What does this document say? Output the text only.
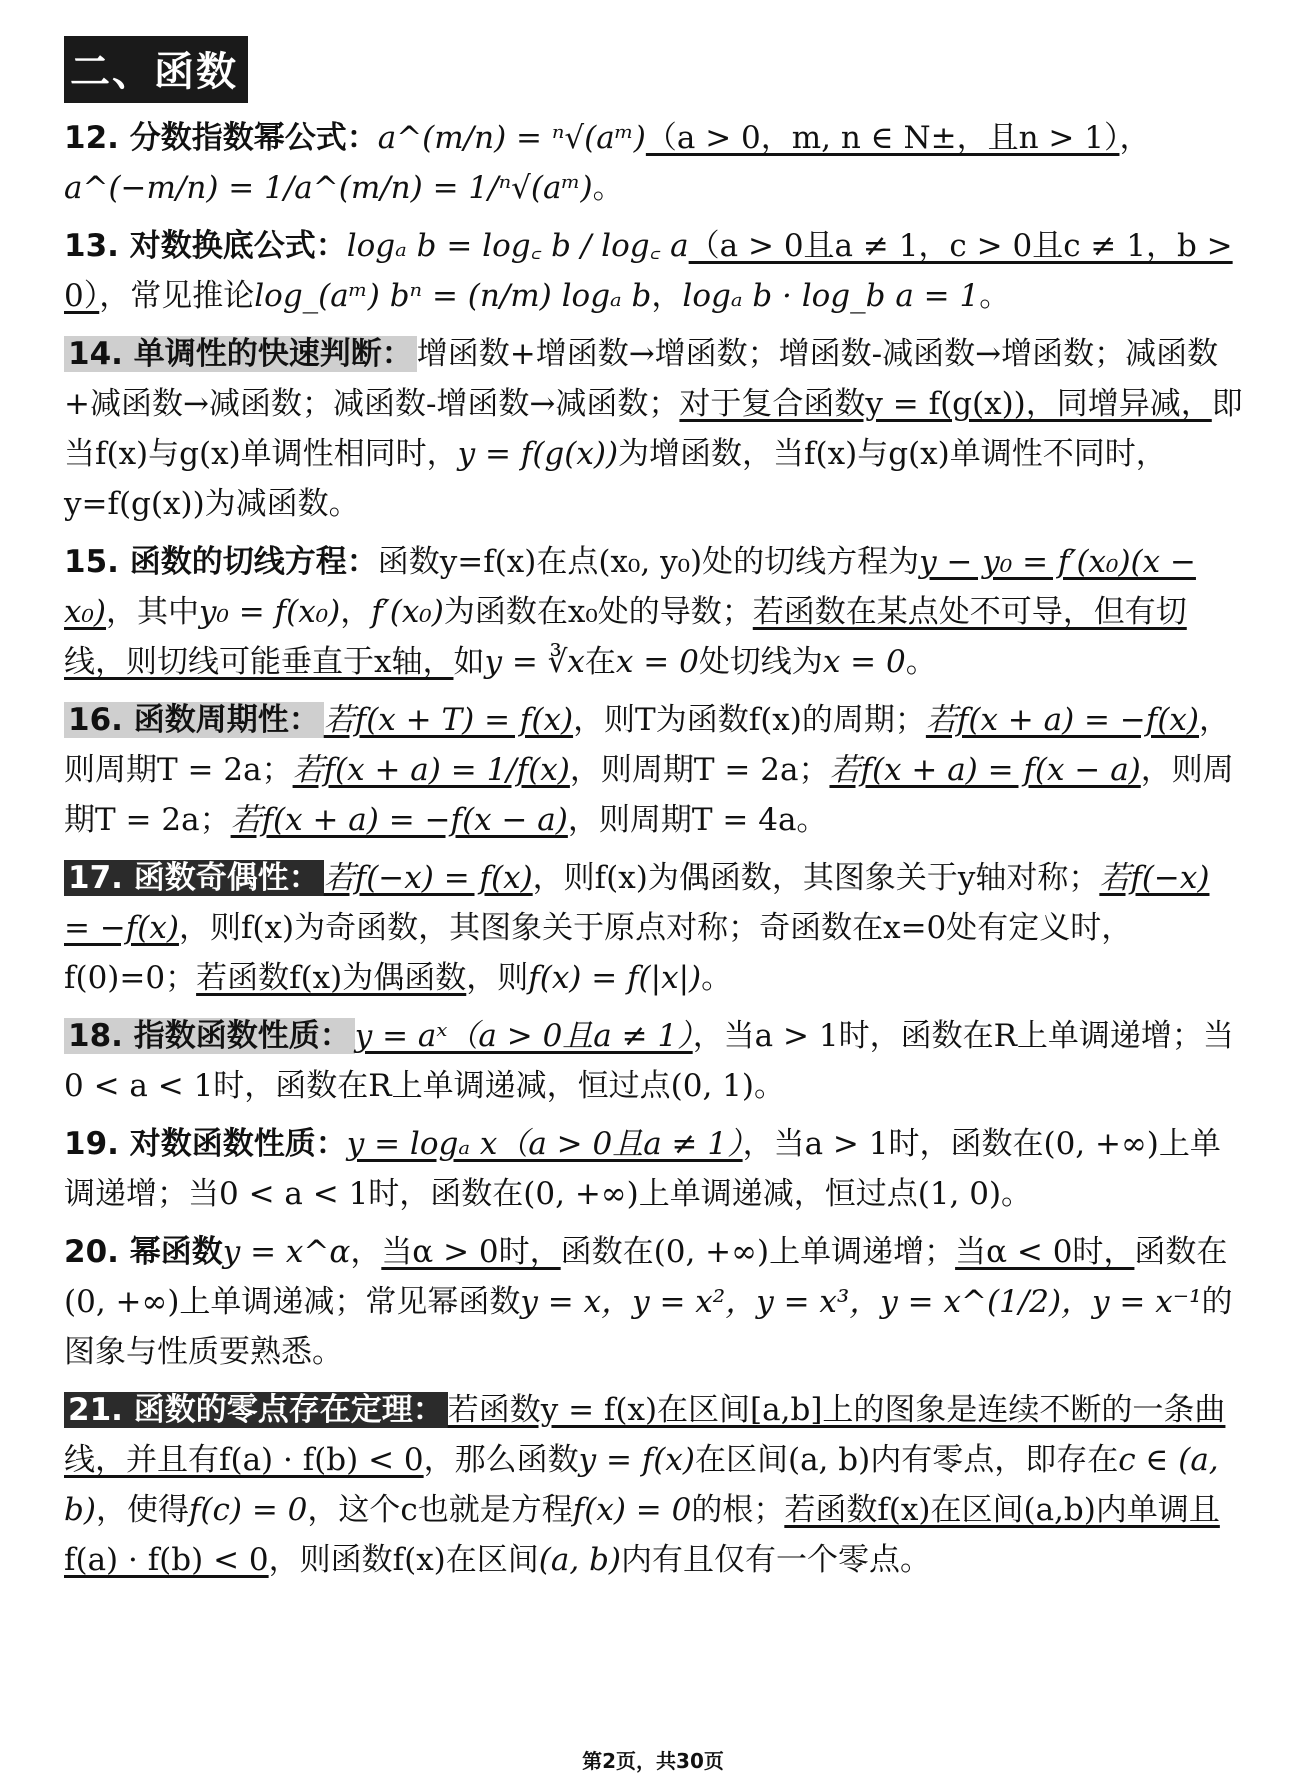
二、函数
12. 分数指数幂公式：a^(m/n) = ⁿ√(aᵐ)（a > 0，m, n ∈ N±，且n > 1），a^(−m/n) = 1/a^(m/n) = 1/ⁿ√(aᵐ)。
13. 对数换底公式：logₐ b = log꜀ b / log꜀ a（a > 0且a ≠ 1，c > 0且c ≠ 1，b > 0），常见推论log_(aᵐ) bⁿ = (n/m) logₐ b，logₐ b · log_b a = 1。
14. 单调性的快速判断： 增函数+增函数→增函数；增函数-减函数→增函数；减函数+减函数→减函数；减函数-增函数→减函数；对于复合函数y = f(g(x))，同增异减，即当f(x)与g(x)单调性相同时，y = f(g(x))为增函数，当f(x)与g(x)单调性不同时，y=f(g(x))为减函数。
15. 函数的切线方程：函数y=f(x)在点(x₀, y₀)处的切线方程为y − y₀ = f′(x₀)(x − x₀)，其中y₀ = f(x₀)，f′(x₀)为函数在x₀处的导数；若函数在某点处不可导，但有切线，则切线可能垂直于x轴，如y = ∛x在x = 0处切线为x = 0。
16. 函数周期性： 若f(x + T) = f(x)，则T为函数f(x)的周期；若f(x + a) = −f(x)，则周期T = 2a；若f(x + a) = 1/f(x)，则周期T = 2a；若f(x + a) = f(x − a)，则周期T = 2a；若f(x + a) = −f(x − a)，则周期T = 4a。
17. 函数奇偶性： 若f(−x) = f(x)，则f(x)为偶函数，其图象关于y轴对称；若f(−x) = −f(x)，则f(x)为奇函数，其图象关于原点对称；奇函数在x=0处有定义时，f(0)=0；若函数f(x)为偶函数，则f(x) = f(|x|)。
18. 指数函数性质： y = aˣ（a > 0且a ≠ 1），当a > 1时，函数在R上单调递增；当0 < a < 1时，函数在R上单调递减，恒过点(0, 1)。
19. 对数函数性质：y = logₐ x（a > 0且a ≠ 1），当a > 1时，函数在(0, +∞)上单调递增；当0 < a < 1时，函数在(0, +∞)上单调递减，恒过点(1, 0)。
20. 幂函数y = x^α，当α > 0时，函数在(0, +∞)上单调递增；当α < 0时，函数在(0, +∞)上单调递减；常见幂函数y = x，y = x²，y = x³，y = x^(1/2)，y = x⁻¹的图象与性质要熟悉。
21. 函数的零点存在定理： 若函数y = f(x)在区间[a,b]上的图象是连续不断的一条曲线，并且有f(a) · f(b) < 0，那么函数y = f(x)在区间(a, b)内有零点，即存在c ∈ (a, b)，使得f(c) = 0，这个c也就是方程f(x) = 0的根；若函数f(x)在区间(a,b)内单调且f(a) · f(b) < 0，则函数f(x)在区间(a, b)内有且仅有一个零点。
第2页，共30页
